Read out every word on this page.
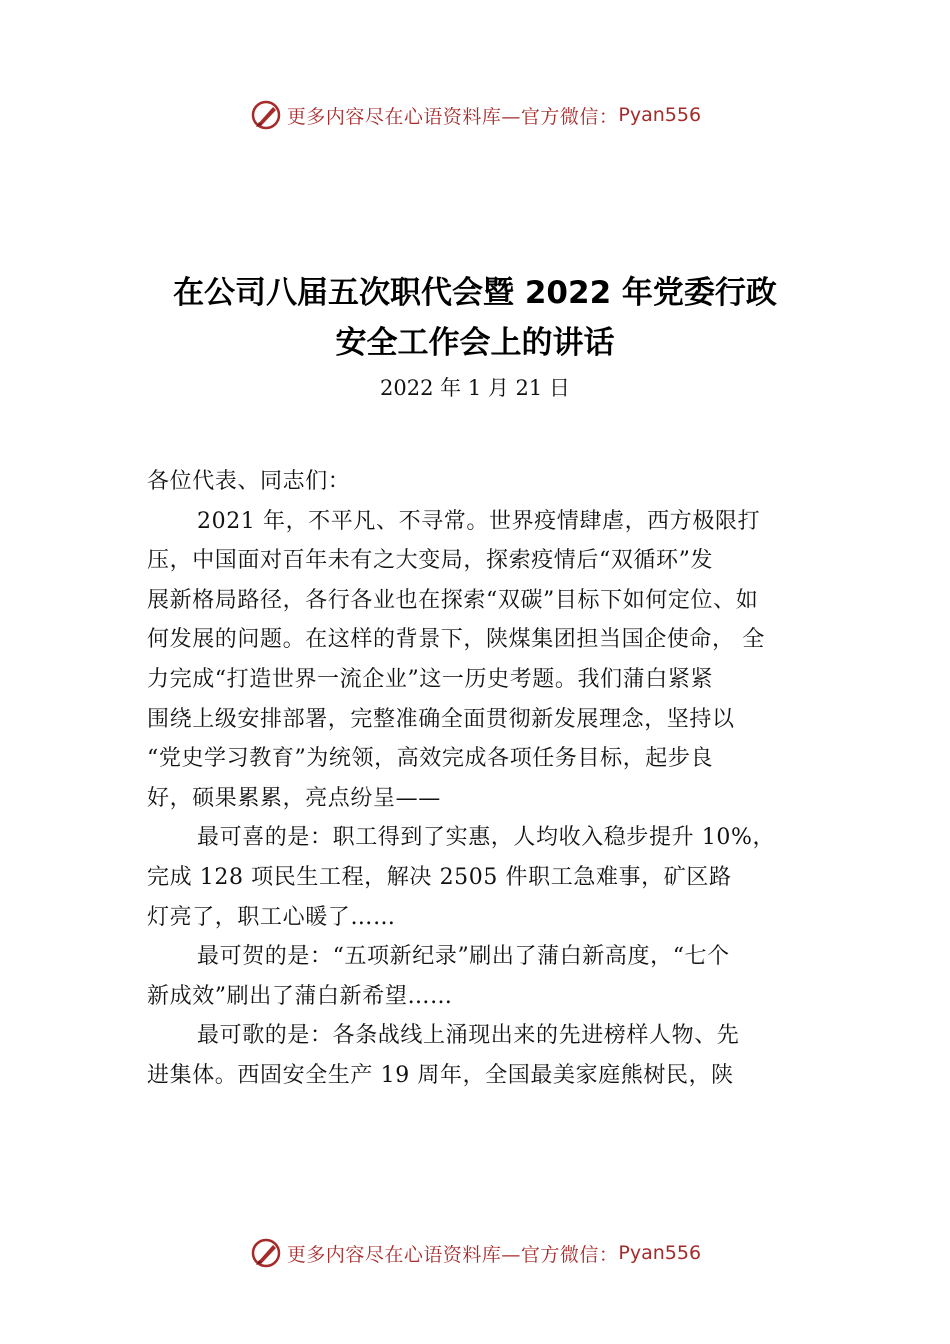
更多内容尽在心语资料库—官方微信： Pyan556
在公司八届五次职代会暨 2022 年党委行政
安全工作会上的讲话
2022 年 1 月 21 日

各位代表、同志们：

2021 年，不平凡、不寻常。世界疫情肆虐，西方极限打

压，中国面对百年未有之大变局，探索疫情后“双循环”发

展新格局路径，各行各业也在探索“双碳”目标下如何定位、如

何发展的问题。在这样的背景下，陕煤集团担当国企使命， 全

力完成“打造世界一流企业”这一历史考题。我们蒲白紧紧

围绕上级安排部署，完整准确全面贯彻新发展理念，坚持以

“党史学习教育”为统领，高效完成各项任务目标，起步良

好，硕果累累，亮点纷呈——

最可喜的是：职工得到了实惠，人均收入稳步提升 10%，

完成 128 项民生工程，解决 2505 件职工急难事，矿区路

灯亮了，职工心暖了……

最可贺的是：“五项新纪录”刷出了蒲白新高度，“七个

新成效”刷出了蒲白新希望……

最可歌的是：各条战线上涌现出来的先进榜样人物、先

进集体。西固安全生产 19 周年，全国最美家庭熊树民，陕

更多内容尽在心语资料库—官方微信： Pyan556
